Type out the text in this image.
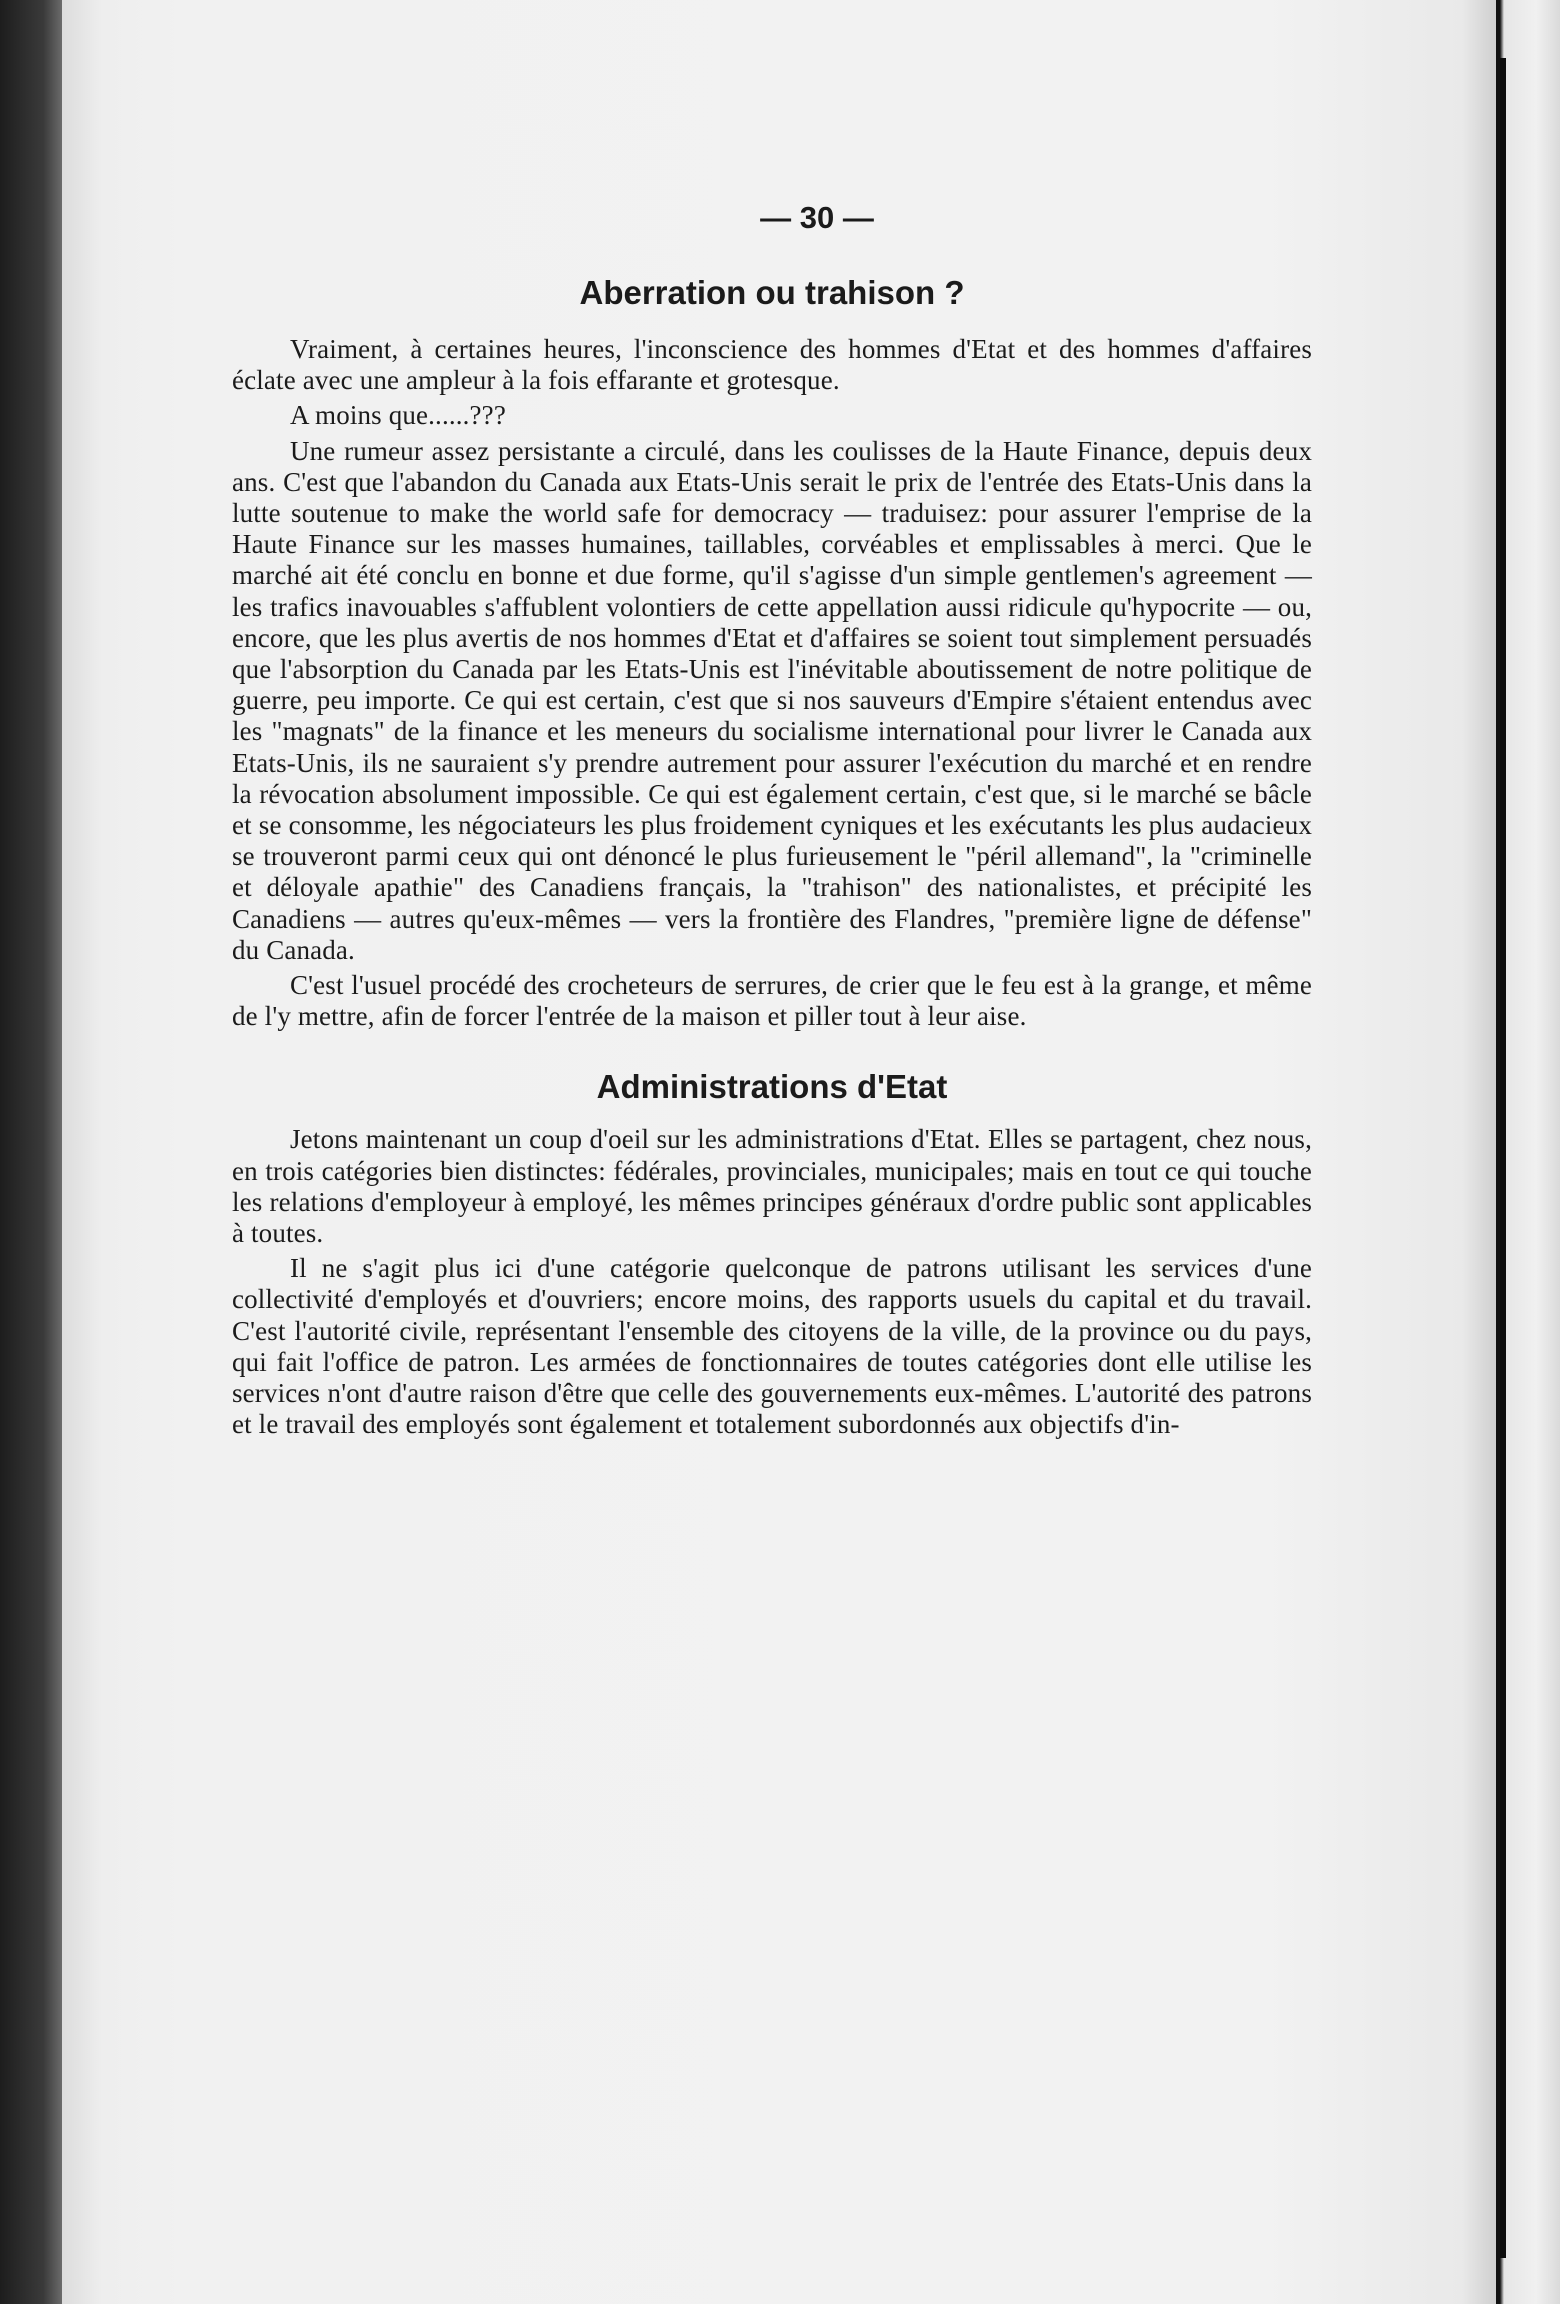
— 30 —
Aberration ou trahison ?

Vraiment, à certaines heures, l'inconscience des hommes d'Etat et des hommes d'affaires éclate avec une ampleur à la fois effarante et grotesque.

A moins que......???

Une rumeur assez persistante a circulé, dans les coulisses de la Haute Finance, depuis deux ans. C'est que l'abandon du Canada aux Etats-Unis serait le prix de l'entrée des Etats-Unis dans la lutte soutenue to make the world safe for democracy — traduisez: pour assurer l'emprise de la Haute Finance sur les masses humaines, taillables, corvéables et emplissables à merci. Que le marché ait été conclu en bonne et due forme, qu'il s'agisse d'un simple gentlemen's agreement — les trafics inavouables s'affublent volontiers de cette appellation aussi ridicule qu'hypocrite — ou, encore, que les plus avertis de nos hommes d'Etat et d'affaires se soient tout simplement persuadés que l'absorption du Canada par les Etats-Unis est l'inévitable aboutissement de notre politique de guerre, peu importe. Ce qui est certain, c'est que si nos sauveurs d'Empire s'étaient entendus avec les "magnats" de la finance et les meneurs du socialisme international pour livrer le Canada aux Etats-Unis, ils ne sauraient s'y prendre autrement pour assurer l'exécution du marché et en rendre la révocation absolument impossible. Ce qui est également certain, c'est que, si le marché se bâcle et se consomme, les négociateurs les plus froidement cyniques et les exécutants les plus audacieux se trouveront parmi ceux qui ont dénoncé le plus furieusement le "péril allemand", la "criminelle et déloyale apathie" des Canadiens français, la "trahison" des nationalistes, et précipité les Canadiens — autres qu'eux-mêmes — vers la frontière des Flandres, "première ligne de défense" du Canada.

C'est l'usuel procédé des crocheteurs de serrures, de crier que le feu est à la grange, et même de l'y mettre, afin de forcer l'entrée de la maison et piller tout à leur aise.

Administrations d'Etat

Jetons maintenant un coup d'oeil sur les administrations d'Etat. Elles se partagent, chez nous, en trois catégories bien distinctes: fédérales, provinciales, municipales; mais en tout ce qui touche les relations d'employeur à employé, les mêmes principes généraux d'ordre public sont applicables à toutes.

Il ne s'agit plus ici d'une catégorie quelconque de patrons utilisant les services d'une collectivité d'employés et d'ouvriers; encore moins, des rapports usuels du capital et du travail. C'est l'autorité civile, représentant l'ensemble des citoyens de la ville, de la province ou du pays, qui fait l'office de patron. Les armées de fonctionnaires de toutes catégories dont elle utilise les services n'ont d'autre raison d'être que celle des gouvernements eux-mêmes. L'autorité des patrons et le travail des employés sont également et totalement subordonnés aux objectifs d'in-
